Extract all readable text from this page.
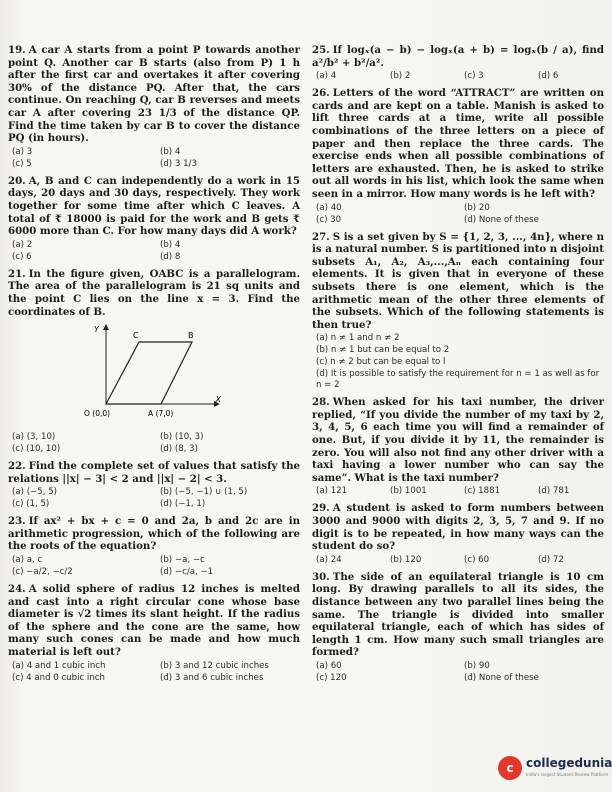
19. A car A starts from a point P towards another point Q. Another car B starts (also from P) 1 h after the first car and overtakes it after covering 30% of the distance PQ. After that, the cars continue. On reaching Q, car B reverses and meets car A after covering 23 1/3 of the distance QP. Find the time taken by car B to cover the distance PQ (in hours).
(a) 3	(b) 4
(c) 5	(d) 3 1/3
20. A, B and C can independently do a work in 15 days, 20 days and 30 days, respectively. They work together for some time after which C leaves. A total of ₹ 18000 is paid for the work and B gets ₹ 6000 more than C. For how many days did A work?
(a) 2	(b) 4
(c) 6	(d) 8
21. In the figure given, OABC is a parallelogram. The area of the parallelogram is 21 sq units and the point C lies on the line x = 3. Find the coordinates of B.
Y
X
C	B
O (0,0)	A (7,0)
(a) (3, 10)	(b) (10, 3)
(c) (10, 10)	(d) (8, 3)
22. Find the complete set of values that satisfy the relations ||x| − 3| < 2 and ||x| − 2| < 3.
(a) (−5, 5)	(b) (−5, −1) ∪ (1, 5)
(c) (1, 5)	(d) (−1, 1)
23. If ax² + bx + c = 0 and 2a, b and 2c are in arithmetic progression, which of the following are the roots of the equation?
(a) a, c	(b) −a, −c
(c) −a/2, −c/2	(d) −c/a, −1
24. A solid sphere of radius 12 inches is melted and cast into a right circular cone whose base diameter is √2 times its slant height. If the radius of the sphere and the cone are the same, how many such cones can be made and how much material is left out?
(a) 4 and 1 cubic inch	(b) 3 and 12 cubic inches
(c) 4 and 0 cubic inch	(d) 3 and 6 cubic inches
25. If logₓ(a − b) − logₓ(a + b) = logₓ(b / a), find a²/b² + b²/a².
(a) 4	(b) 2	(c) 3	(d) 6
26. Letters of the word “ATTRACT” are written on cards and are kept on a table. Manish is asked to lift three cards at a time, write all possible combinations of the three letters on a piece of paper and then replace the three cards. The exercise ends when all possible combinations of letters are exhausted. Then, he is asked to strike out all words in his list, which look the same when seen in a mirror. How many words is he left with?
(a) 40	(b) 20
(c) 30	(d) None of these
27. S is a set given by S = {1, 2, 3, ..., 4n}, where n is a natural number. S is partitioned into n disjoint subsets A₁, A₂, A₃,...,Aₙ each containing four elements. It is given that in everyone of these subsets there is one element, which is the arithmetic mean of the other three elements of the subsets. Which of the following statements is then true?
(a) n ≠ 1 and n ≠ 2
(b) n ≠ 1 but can be equal to 2
(c) n ≠ 2 but can be equal to l
(d) It is possible to satisfy the requirement for n = 1 as well as for n = 2
28. When asked for his taxi number, the driver replied, “If you divide the number of my taxi by 2, 3, 4, 5, 6 each time you will find a remainder of one. But, if you divide it by 11, the remainder is zero. You will also not find any other driver with a taxi having a lower number who can say the same”. What is the taxi number?
(a) 121	(b) 1001	(c) 1881	(d) 781
29. A student is asked to form numbers between 3000 and 9000 with digits 2, 3, 5, 7 and 9. If no digit is to be repeated, in how many ways can the student do so?
(a) 24	(b) 120	(c) 60	(d) 72
30. The side of an equilateral triangle is 10 cm long. By drawing parallels to all its sides, the distance between any two parallel lines being the same. The triangle is divided into smaller equilateral triangle, each of which has sides of length 1 cm. How many such small triangles are formed?
(a) 60	(b) 90
(c) 120	(d) None of these
c	collegedunia
India's largest Student Review Platform
